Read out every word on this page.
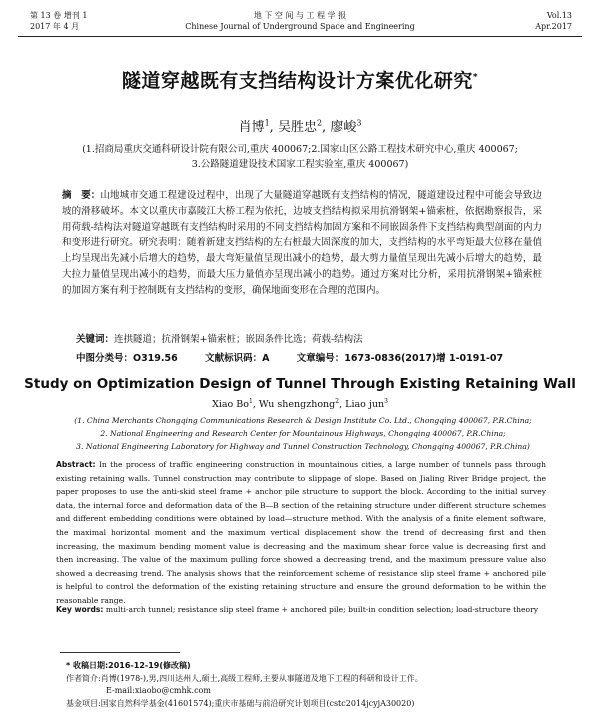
第 13 卷 增刊 1
2017 年 4 月
地 下 空 间 与 工 程 学 报
Chinese Journal of Underground Space and Engineering
Vol.13
Apr.2017
隧道穿越既有支挡结构设计方案优化研究*
肖博$^1$, 吴胜忠$^2$, 廖峻$^3$
(1.招商局重庆交通科研设计院有限公司,重庆 400067;2.国家山区公路工程技术研究中心,重庆 400067;
3.公路隧道建设技术国家工程实验室,重庆 400067)
摘　要：山地城市交通工程建设过程中，出现了大量隧道穿越既有支挡结构的情况，隧道建设过程中可能会导致边坡的滑移破坏。本文以重庆市嘉陵江大桥工程为依托，边坡支挡结构拟采用抗滑钢架+锚索桩，依据勘察报告，采用荷载-结构法对隧道穿越既有支挡结构时采用的不同支挡结构加固方案和不同嵌固条件下支挡结构典型剖面的内力和变形进行研究。研究表明：随着新建支挡结构的左右桩最大固深度的加大，支挡结构的水平弯矩最大位移在量值上均呈现出先减小后增大的趋势，最大弯矩量值呈现出减小的趋势，最大剪力量值呈现出先减小后增大的趋势，最大拉力量值呈现出减小的趋势，而最大压力量值亦呈现出减小的趋势。通过方案对比分析，采用抗滑钢架+锚索桩的加固方案有利于控制既有支挡结构的变形，确保地面变形在合理的范围内。
关键词：连拱隧道；抗滑钢架+锚索桩；嵌固条件比选；荷载-结构法
中图分类号：O319.56	文献标识码：A	文章编号：1673-0836(2017)增 1-0191-07
Study on Optimization Design of Tunnel Through Existing Retaining Wall
Xiao Bo$^1$, Wu shengzhong$^2$, Liao jun$^3$
(1. China Merchants Chongqing Communications Research & Design Institute Co. Ltd., Chongqing 400067, P.R.China;
2. National Engineering and Research Center for Mountainous Highways, Chongqing 400067, P.R.China;
3. National Engineering Laboratory for Highway and Tunnel Construction Technology, Chongqing 400067, P.R.China)
Abstract: In the process of traffic engineering construction in mountainous cities, a large number of tunnels pass through existing retaining walls. Tunnel construction may contribute to slippage of slope. Based on Jialing River Bridge project, the paper proposes to use the anti-skid steel frame + anchor pile structure to support the block. According to the initial survey data, the internal force and deformation data of the B—B section of the retaining structure under different structure schemes and different embedding conditions were obtained by load—structure method. With the analysis of a finite element software, the maximal horizontal moment and the maximum vertical displacement show the trend of decreasing first and then increasing, the maximum bending moment value is decreasing and the maximum shear force value is decreasing first and then increasing. The value of the maximum pulling force showed a decreasing trend, and the maximum pressure value also showed a decreasing trend. The analysis shows that the reinforcement scheme of resistance slip steel frame + anchored pile is helpful to control the deformation of the existing retaining structure and ensure the ground deformation to be within the reasonable range.
Key words: multi-arch tunnel; resistance slip steel frame + anchored pile; built-in condition selection; load-structure theory
* 收稿日期:2016-12-19(修改稿)
作者简介:肖博(1978-),男,四川达州人,硕士,高级工程师,主要从事隧道及地下工程的科研和设计工作。
E-mail:xiaobo@cmhk.com
基金项目:国家自然科学基金(41601574);重庆市基础与前沿研究计划项目(cstc2014jcyjA30020)
